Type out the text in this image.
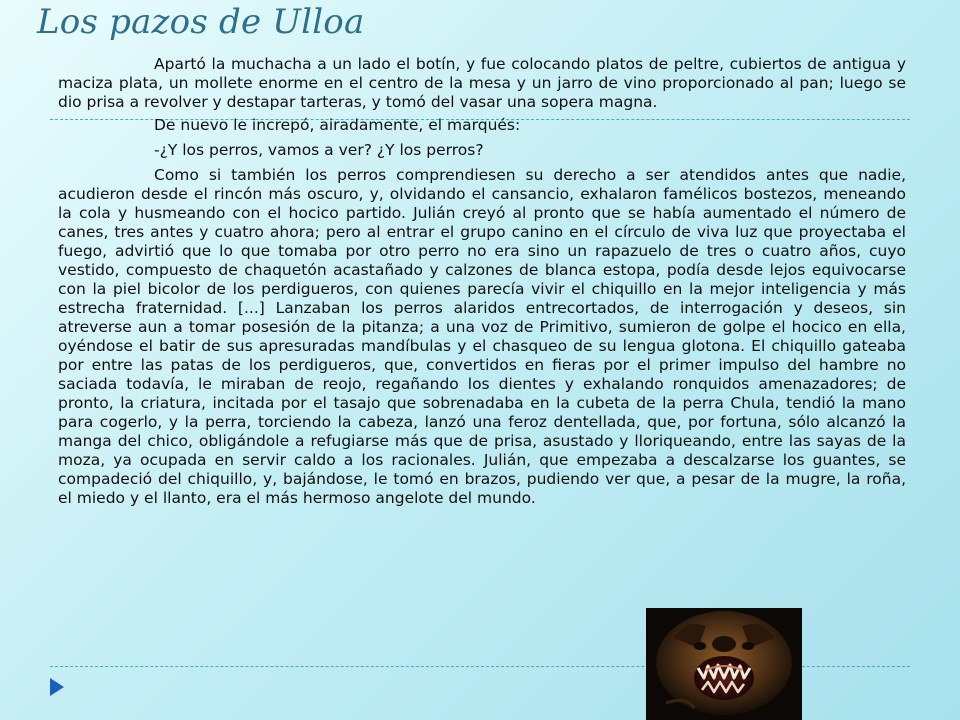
Los pazos de Ulloa

Apartó la muchacha a un lado el botín, y fue colocando platos de peltre, cubiertos de antigua y maciza plata, un mollete enorme en el centro de la mesa y un jarro de vino proporcionado al pan; luego se dio prisa a revolver y destapar tarteras, y tomó del vasar una sopera magna.

De nuevo le increpó, airadamente, el marqués:

-¿Y los perros, vamos a ver? ¿Y los perros?

Como si también los perros comprendiesen su derecho a ser atendidos antes que nadie, acudieron desde el rincón más oscuro, y, olvidando el cansancio, exhalaron famélicos bostezos, meneando la cola y husmeando con el hocico partido. Julián creyó al pronto que se había aumentado el número de canes, tres antes y cuatro ahora; pero al entrar el grupo canino en el círculo de viva luz que proyectaba el fuego, advirtió que lo que tomaba por otro perro no era sino un rapazuelo de tres o cuatro años, cuyo vestido, compuesto de chaquetón acastañado y calzones de blanca estopa, podía desde lejos equivocarse con la piel bicolor de los perdigueros, con quienes parecía vivir el chiquillo en la mejor inteligencia y más estrecha fraternidad. [...] Lanzaban los perros alaridos entrecortados, de interrogación y deseos, sin atreverse aun a tomar posesión de la pitanza; a una voz de Primitivo, sumieron de golpe el hocico en ella, oyéndose el batir de sus apresuradas mandíbulas y el chasqueo de su lengua glotona. El chiquillo gateaba por entre las patas de los perdigueros, que, convertidos en fieras por el primer impulso del hambre no saciada todavía, le miraban de reojo, regañando los dientes y exhalando ronquidos amenazadores; de pronto, la criatura, incitada por el tasajo que sobrenadaba en la cubeta de la perra Chula, tendió la mano para cogerlo, y la perra, torciendo la cabeza, lanzó una feroz dentellada, que, por fortuna, sólo alcanzó la manga del chico, obligándole a refugiarse más que de prisa, asustado y lloriqueando, entre las sayas de la moza, ya ocupada en servir caldo a los racionales. Julián, que empezaba a descalzarse los guantes, se compadeció del chiquillo, y, bajándose, le tomó en brazos, pudiendo ver que, a pesar de la mugre, la roña, el miedo y el llanto, era el más hermoso angelote del mundo.
